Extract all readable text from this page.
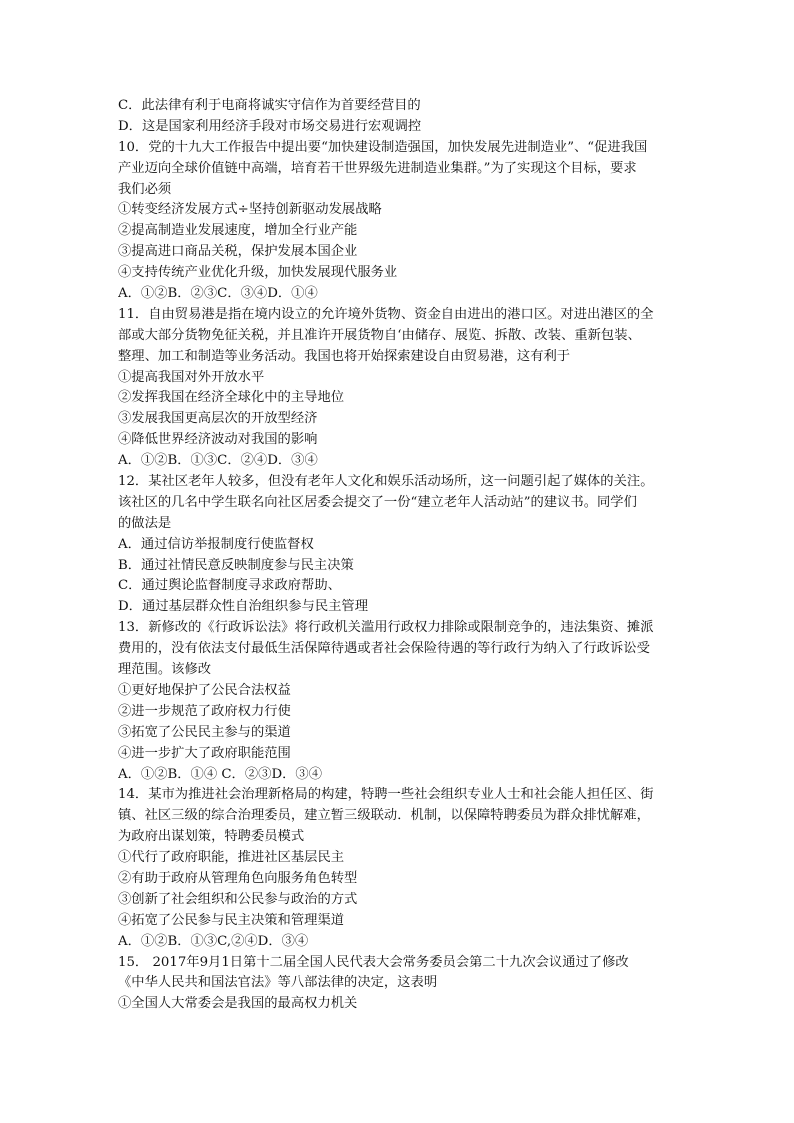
C．此法律有利于电商将诚实守信作为首要经营目的
D．这是国家利用经济手段对市场交易进行宏观调控
10．党的十九大工作报告中提出要“加快建设制造强国，加快发展先进制造业”、“促进我国
产业迈向全球价值链中高端，培育若干世界级先进制造业集群。”为了实现这个目标，要求
我们必须
①转变经济发展方式÷坚持创新驱动发展战略
②提高制造业发展速度，增加全行业产能
③提高进口商品关税，保护发展本国企业
④支持传统产业优化升级，加快发展现代服务业
A．①②B．②③C．③④D．①④
11．自由贸易港是指在境内设立的允许境外货物、资金自由进出的港口区。对进出港区的全
部或大部分货物免征关税，并且准许开展货物自‘由储存、展览、拆散、改装、重新包装、
整理、加工和制造等业务活动。我国也将开始探索建设自由贸易港，这有利于
①提高我国对外开放水平
②发挥我国在经济全球化中的主导地位
③发展我国更高层次的开放型经济
④降低世界经济波动对我国的影响
A．①②B．①③C．②④D．③④
12．某社区老年人较多，但没有老年人文化和娱乐活动场所，这一问题引起了媒体的关注。
该社区的几名中学生联名向社区居委会提交了一份“建立老年人活动站”的建议书。同学们
的做法是
A．通过信访举报制度行使监督权
B．通过社情民意反映制度参与民主决策
C．通过舆论监督制度寻求政府帮助、
D．通过基层群众性自治组织参与民主管理
13．新修改的《行政诉讼法》将行政机关滥用行政权力排除或限制竞争的，违法集资、摊派
费用的，没有依法支付最低生活保障待遇或者社会保险待遇的等行政行为纳入了行政诉讼受
理范围。该修改
①更好地保护了公民合法权益
②进一步规范了政府权力行使
③拓宽了公民民主参与的渠道
④进一步扩大了政府职能范围
A．①②B．①④ C．②③D．③④
14．某市为推进社会治理新格局的构建，特聘一些社会组织专业人士和社会能人担任区、街
镇、社区三级的综合治理委员，建立暂三级联动．机制，以保障特聘委员为群众排忧解难，
为政府出谋划策，特聘委员模式
①代行了政府职能，推进社区基层民主
②有助于政府从管理角色向服务角色转型
③创新了社会组织和公民参与政治的方式
④拓宽了公民参与民主决策和管理渠道
A．①②B．①③C,②④D．③④
15． 2017年9月1日第十二届全国人民代表大会常务委员会第二十九次会议通过了修改
《中华人民共和国法官法》等八部法律的决定，这表明
①全国人大常委会是我国的最高权力机关
